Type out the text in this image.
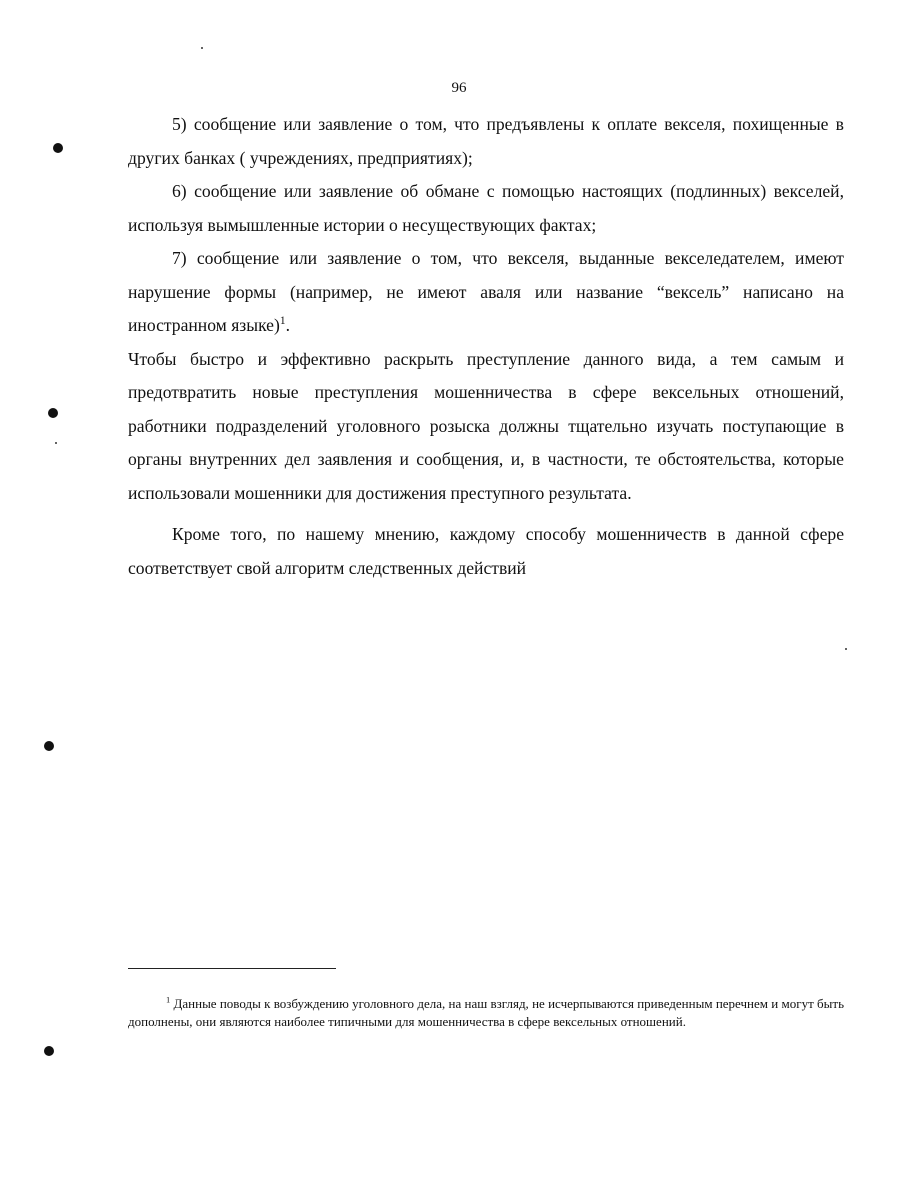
96

5) сообщение или заявление о том, что предъявлены к оплате векселя, похищенные в других банках ( учреждениях, предприятиях);

6) сообщение или заявление об обмане с помощью настоящих (подлинных) векселей, используя вымышленные истории о несуществующих фактах;

7) сообщение или заявление о том, что векселя, выданные векселедателем, имеют нарушение формы (например, не имеют аваля или название “вексель” написано на иностранном языке)$^1$.

Чтобы быстро и эффективно раскрыть преступление данного вида, а тем самым и предотвратить новые преступления мошенничества в сфере вексельных отношений, работники подразделений уголовного розыска должны тщательно изучать поступающие в органы внутренних дел заявления и сообщения, и, в частности, те обстоятельства, которые использовали мошенники для достижения преступного результата.

Кроме того, по нашему мнению, каждому способу мошенничеств в данной сфере соответствует свой алгоритм следственных действий

$^1$ Данные поводы к возбуждению уголовного дела, на наш взгляд, не исчерпываются приведенным перечнем и могут быть дополнены, они являются наиболее типичными для мошенничества в сфере вексельных отношений.
